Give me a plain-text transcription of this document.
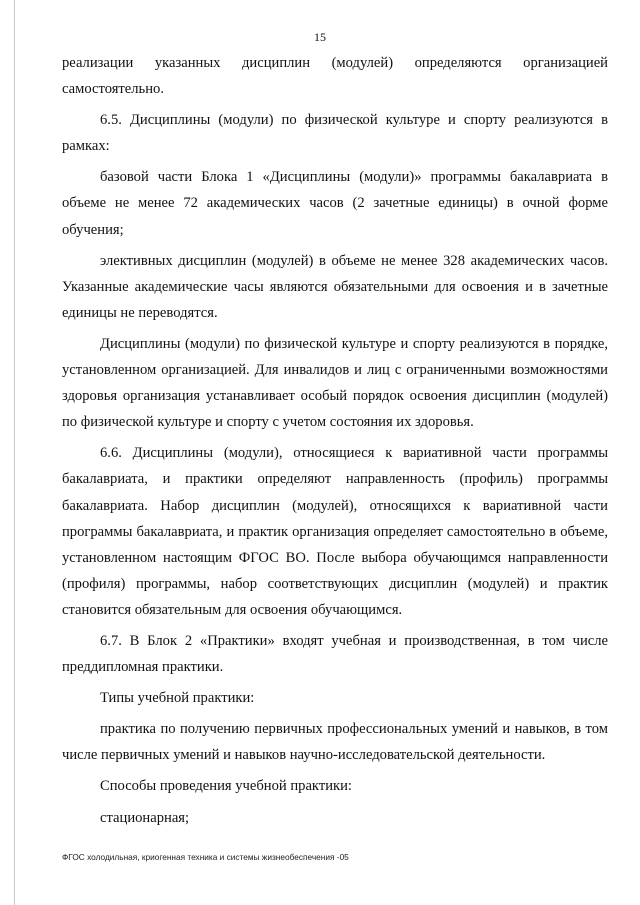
15

реализации указанных дисциплин (модулей) определяются организацией самостоятельно.

6.5. Дисциплины (модули) по физической культуре и спорту реализуются в рамках:

базовой части Блока 1 «Дисциплины (модули)» программы бакалавриата в объеме не менее 72 академических часов (2 зачетные единицы) в очной форме обучения;

элективных дисциплин (модулей) в объеме не менее 328 академических часов. Указанные академические часы являются обязательными для освоения и в зачетные единицы не переводятся.

Дисциплины (модули) по физической культуре и спорту реализуются в порядке, установленном организацией. Для инвалидов и лиц с ограниченными возможностями здоровья организация устанавливает особый порядок освоения дисциплин (модулей) по физической культуре и спорту с учетом состояния их здоровья.

6.6. Дисциплины (модули), относящиеся к вариативной части программы бакалавриата, и практики определяют направленность (профиль) программы бакалавриата. Набор дисциплин (модулей), относящихся к вариативной части программы бакалавриата, и практик организация определяет самостоятельно в объеме, установленном настоящим ФГОС ВО. После выбора обучающимся направленности (профиля) программы, набор соответствующих дисциплин (модулей) и практик становится обязательным для освоения обучающимся.

6.7. В Блок 2 «Практики» входят учебная и производственная, в том числе преддипломная практики.

Типы учебной практики:

практика по получению первичных профессиональных умений и навыков, в том числе первичных умений и навыков научно-исследовательской деятельности.

Способы проведения учебной практики:

стационарная;

ФГОС холодильная, криогенная техника и системы жизнеобеспечения -05
